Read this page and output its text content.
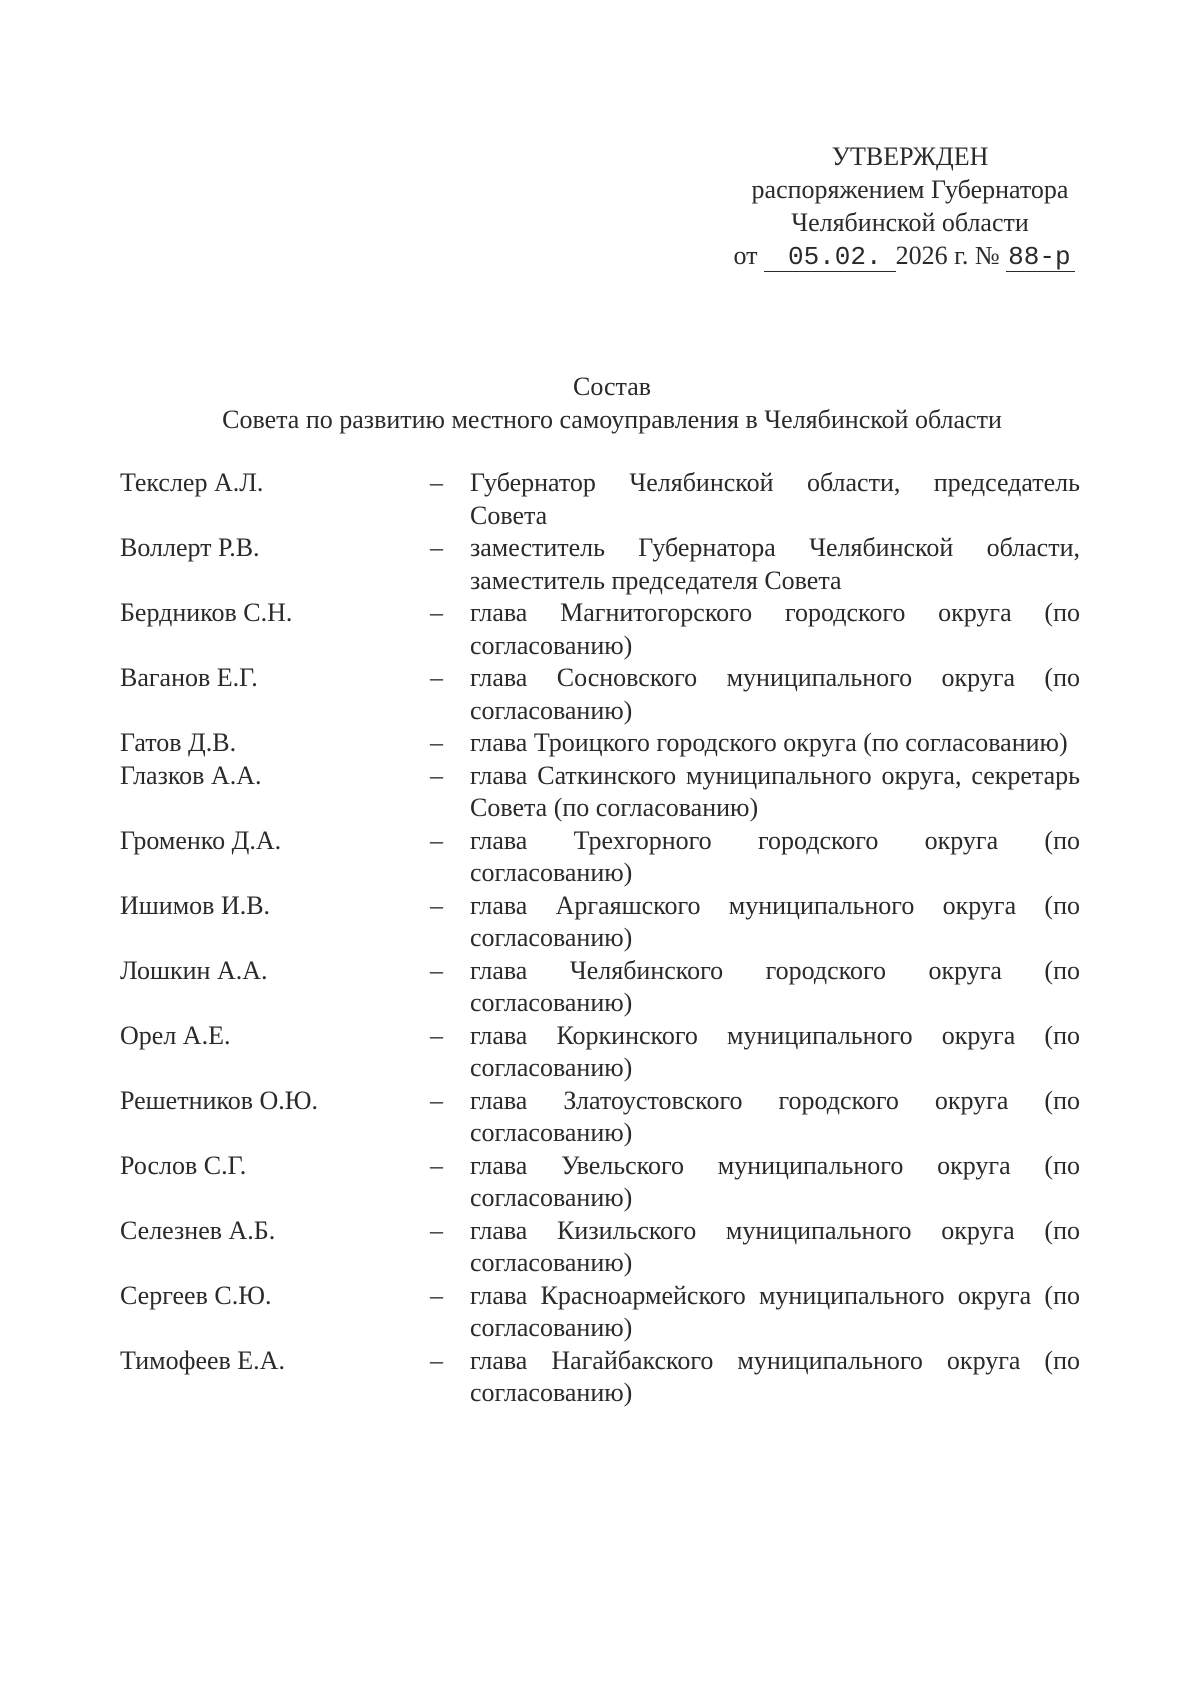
УТВЕРЖДЕН
распоряжением Губернатора
Челябинской области
от 05.02. 2026 г. № 88-р
Состав
Совета по развитию местного самоуправления в Челябинской области
Текслер А.Л.	–	Губернатор Челябинской области, председатель Совета
Воллерт Р.В.	–	заместитель Губернатора Челябинской области, заместитель председателя Совета
Бердников С.Н.	–	глава Магнитогорского городского округа (по согласованию)
Ваганов Е.Г.	–	глава Сосновского муниципального округа (по согласованию)
Гатов Д.В.	–	глава Троицкого городского округа (по согласованию)
Глазков А.А.	–	глава Саткинского муниципального округа, секретарь Совета (по согласованию)
Громенко Д.А.	–	глава Трехгорного городского округа (по согласованию)
Ишимов И.В.	–	глава Аргаяшского муниципального округа (по согласованию)
Лошкин А.А.	–	глава Челябинского городского округа (по согласованию)
Орел А.Е.	–	глава Коркинского муниципального округа (по согласованию)
Решетников О.Ю.	–	глава Златоустовского городского округа (по согласованию)
Рослов С.Г.	–	глава Увельского муниципального округа (по согласованию)
Селезнев А.Б.	–	глава Кизильского муниципального округа (по согласованию)
Сергеев С.Ю.	–	глава Красноармейского муниципального округа (по согласованию)
Тимофеев Е.А.	–	глава Нагайбакского муниципального округа (по согласованию)
